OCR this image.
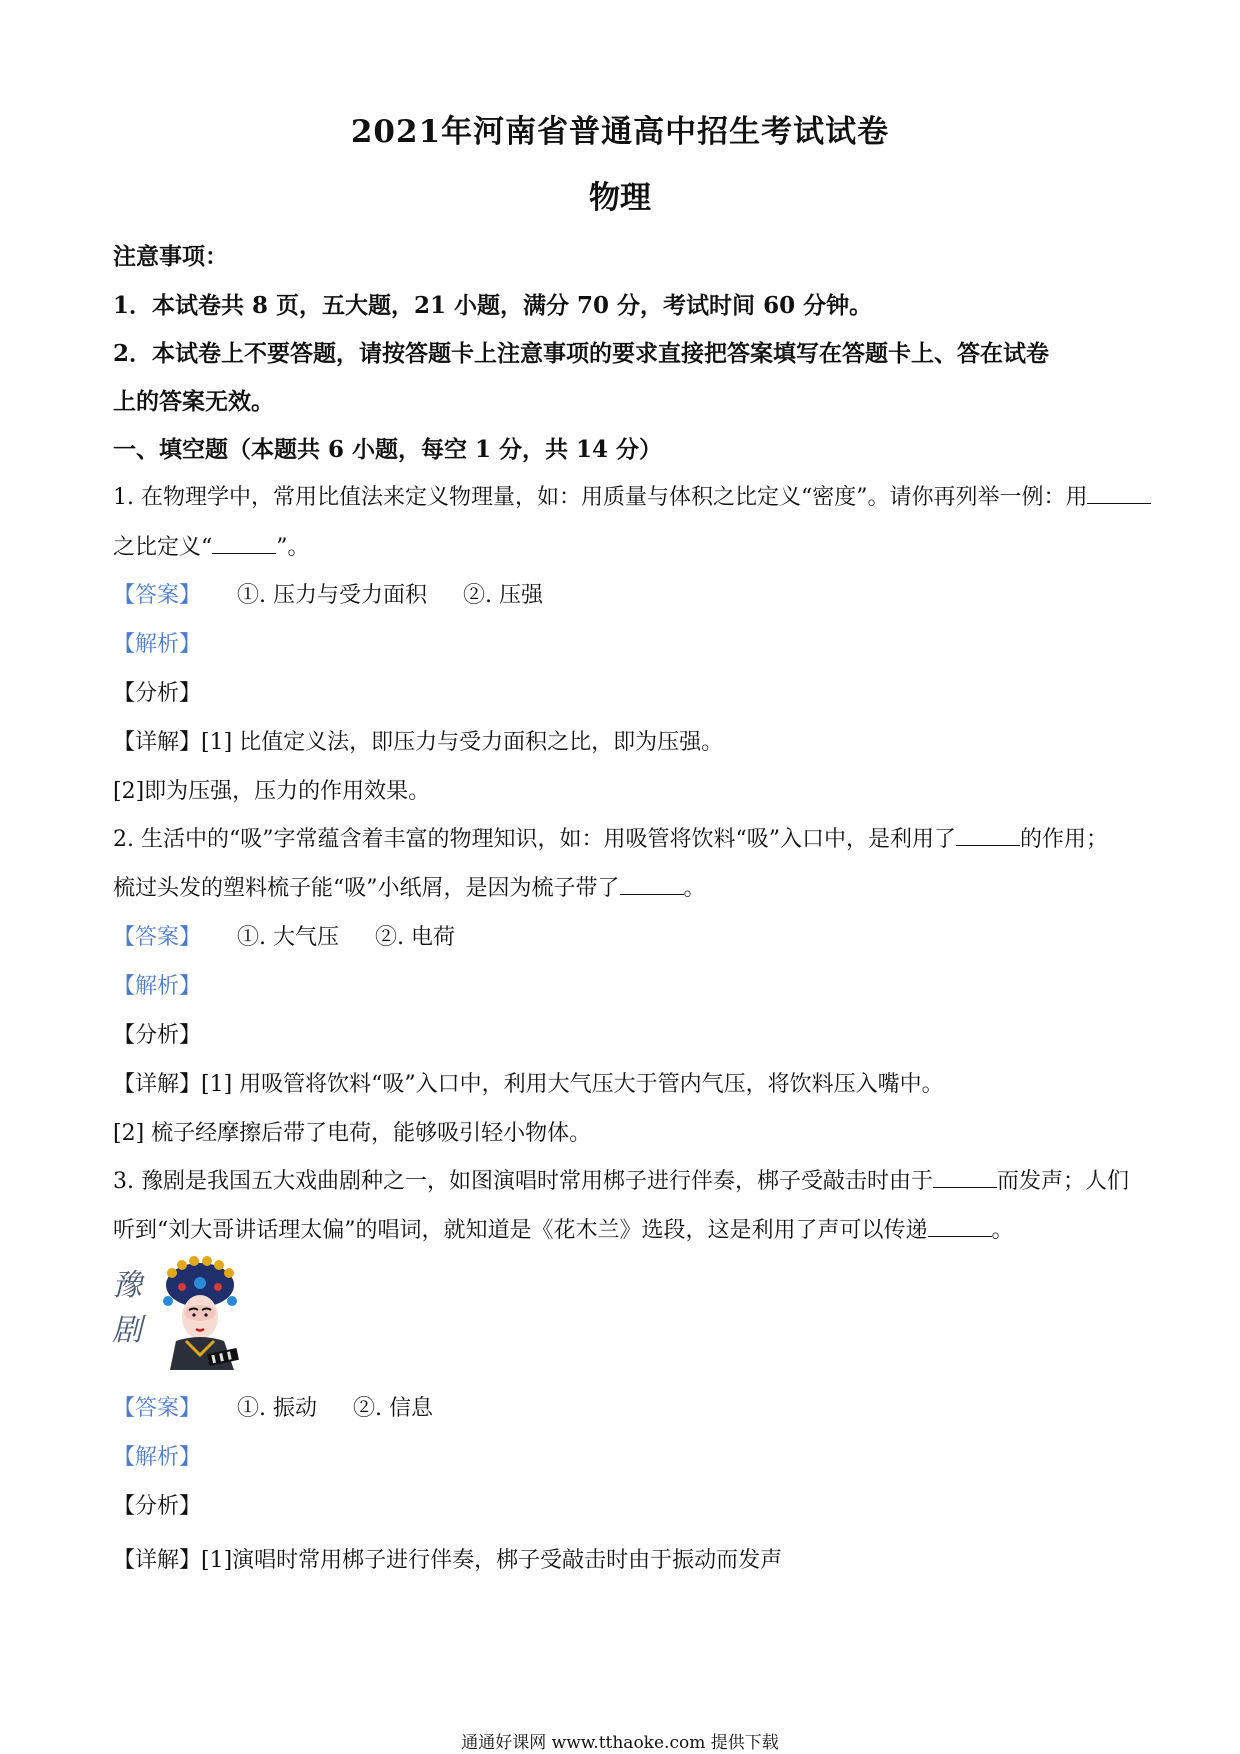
2021年河南省普通高中招生考试试卷
物理
注意事项：
1．本试卷共 8 页，五大题，21 小题，满分 70 分，考试时间 60 分钟。
2．本试卷上不要答题，请按答题卡上注意事项的要求直接把答案填写在答题卡上、答在试卷
上的答案无效。
一、填空题（本题共 6 小题，每空 1 分，共 14 分）
1. 在物理学中，常用比值法来定义物理量，如：用质量与体积之比定义“密度”。请你再列举一例：用
之比定义“	”。
【答案】 ①. 压力与受力面积 ②. 压强
【解析】
【分析】
【详解】[1] 比值定义法，即压力与受力面积之比，即为压强。
[2]即为压强，压力的作用效果。
2. 生活中的“吸”字常蕴含着丰富的物理知识，如：用吸管将饮料“吸”入口中，是利用了	的作用；
梳过头发的塑料梳子能“吸”小纸屑，是因为梳子带了	。
【答案】 ①. 大气压 ②. 电荷
【解析】
【分析】
【详解】[1] 用吸管将饮料“吸”入口中，利用大气压大于管内气压，将饮料压入嘴中。
[2] 梳子经摩擦后带了电荷，能够吸引轻小物体。
3. 豫剧是我国五大戏曲剧种之一，如图演唱时常用梆子进行伴奏，梆子受敲击时由于	而发声；人们
听到“刘大哥讲话理太偏”的唱词，就知道是《花木兰》选段，这是利用了声可以传递	。
豫
剧
【答案】 ①. 振动 ②. 信息
【解析】
【分析】
【详解】[1]演唱时常用梆子进行伴奏，梆子受敲击时由于振动而发声
通通好课网 www.tthaoke.com 提供下载
